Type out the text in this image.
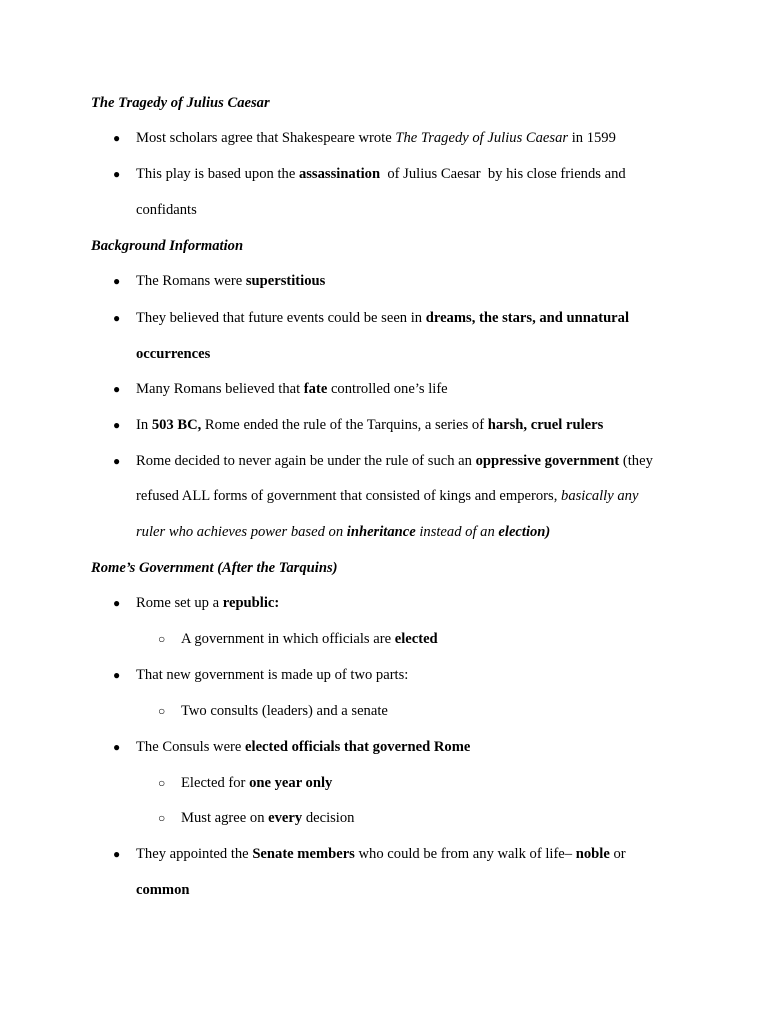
The Tragedy of Julius Caesar
● Most scholars agree that Shakespeare wrote The Tragedy of Julius Caesar in 1599
● This play is based upon the assassination  of Julius Caesar  by his close friends and
confidants
Background Information
● The Romans were superstitious
● They believed that future events could be seen in dreams, the stars, and unnatural
occurrences
● Many Romans believed that fate controlled one’s life
● In 503 BC, Rome ended the rule of the Tarquins, a series of harsh, cruel rulers
● Rome decided to never again be under the rule of such an oppressive government (they
refused ALL forms of government that consisted of kings and emperors, basically any
ruler who achieves power based on inheritance instead of an election)
Rome’s Government (After the Tarquins)
● Rome set up a republic:
○ A government in which officials are elected
● That new government is made up of two parts:
○ Two consults (leaders) and a senate
● The Consuls were elected officials that governed Rome
○ Elected for one year only
○ Must agree on every decision
● They appointed the Senate members who could be from any walk of life– noble or
common
